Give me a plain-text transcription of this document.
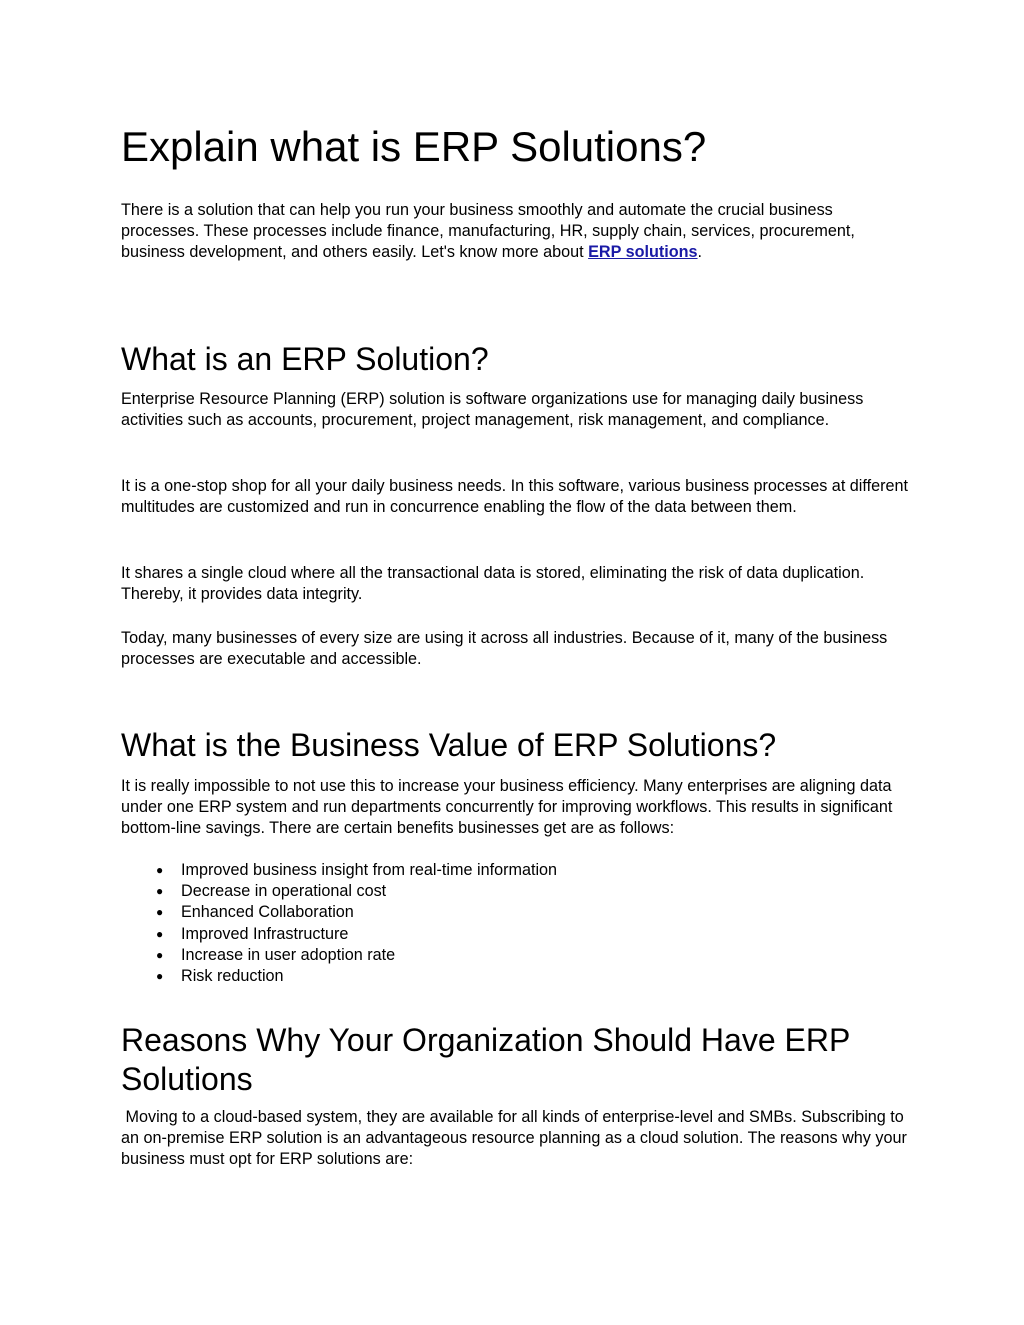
Explain what is ERP Solutions?

There is a solution that can help you run your business smoothly and automate the crucial business processes. These processes include finance, manufacturing, HR, supply chain, services, procurement, business development, and others easily. Let's know more about ERP solutions.

What is an ERP Solution?

Enterprise Resource Planning (ERP) solution is software organizations use for managing daily business activities such as accounts, procurement, project management, risk management, and compliance.

It is a one-stop shop for all your daily business needs. In this software, various business processes at different multitudes are customized and run in concurrence enabling the flow of the data between them.

It shares a single cloud where all the transactional data is stored, eliminating the risk of data duplication. Thereby, it provides data integrity.

Today, many businesses of every size are using it across all industries. Because of it, many of the business processes are executable and accessible.

What is the Business Value of ERP Solutions?

It is really impossible to not use this to increase your business efficiency. Many enterprises are aligning data under one ERP system and run departments concurrently for improving workflows. This results in significant bottom-line savings. There are certain benefits businesses get are as follows:

● Improved business insight from real-time information
● Decrease in operational cost
● Enhanced Collaboration
● Improved Infrastructure
● Increase in user adoption rate
● Risk reduction
Reasons Why Your Organization Should Have ERP Solutions

Moving to a cloud-based system, they are available for all kinds of enterprise-level and SMBs. Subscribing to an on-premise ERP solution is an advantageous resource planning as a cloud solution. The reasons why your business must opt for ERP solutions are:
